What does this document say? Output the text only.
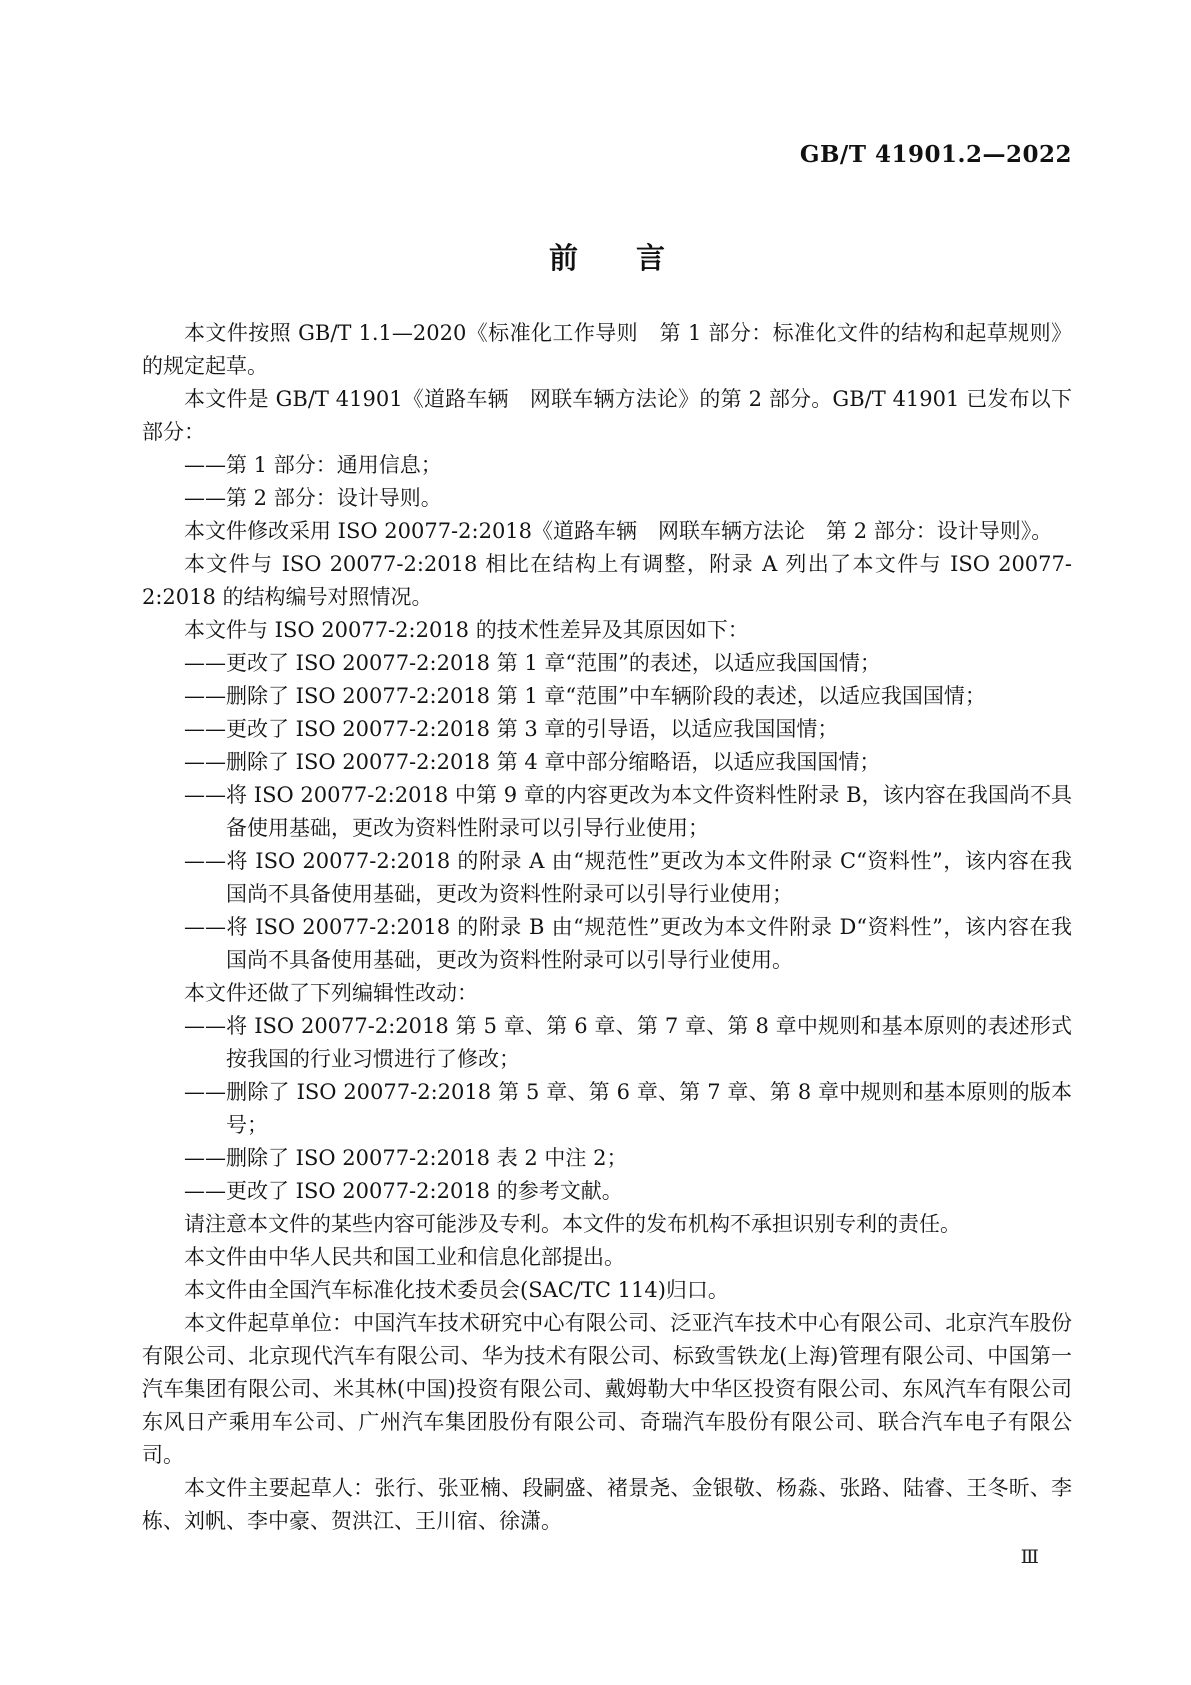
GB/T 41901.2—2022
前　　言

本文件按照 GB/T 1.1—2020《标准化工作导则　第 1 部分：标准化文件的结构和起草规则》的规定起草。

本文件是 GB/T 41901《道路车辆　网联车辆方法论》的第 2 部分。GB/T 41901 已发布以下部分：

——第 1 部分：通用信息；

——第 2 部分：设计导则。

本文件修改采用 ISO 20077-2:2018《道路车辆　网联车辆方法论　第 2 部分：设计导则》。

本文件与 ISO 20077-2:2018 相比在结构上有调整，附录 A 列出了本文件与 ISO 20077-2:2018 的结构编号对照情况。

本文件与 ISO 20077-2:2018 的技术性差异及其原因如下：

——更改了 ISO 20077-2:2018 第 1 章“范围”的表述，以适应我国国情；

——删除了 ISO 20077-2:2018 第 1 章“范围”中车辆阶段的表述，以适应我国国情；

——更改了 ISO 20077-2:2018 第 3 章的引导语，以适应我国国情；

——删除了 ISO 20077-2:2018 第 4 章中部分缩略语，以适应我国国情；

——将 ISO 20077-2:2018 中第 9 章的内容更改为本文件资料性附录 B，该内容在我国尚不具备使用基础，更改为资料性附录可以引导行业使用；

——将 ISO 20077-2:2018 的附录 A 由“规范性”更改为本文件附录 C“资料性”，该内容在我国尚不具备使用基础，更改为资料性附录可以引导行业使用；

——将 ISO 20077-2:2018 的附录 B 由“规范性”更改为本文件附录 D“资料性”，该内容在我国尚不具备使用基础，更改为资料性附录可以引导行业使用。

本文件还做了下列编辑性改动：

——将 ISO 20077-2:2018 第 5 章、第 6 章、第 7 章、第 8 章中规则和基本原则的表述形式按我国的行业习惯进行了修改；

——删除了 ISO 20077-2:2018 第 5 章、第 6 章、第 7 章、第 8 章中规则和基本原则的版本号；

——删除了 ISO 20077-2:2018 表 2 中注 2；

——更改了 ISO 20077-2:2018 的参考文献。

请注意本文件的某些内容可能涉及专利。本文件的发布机构不承担识别专利的责任。

本文件由中华人民共和国工业和信息化部提出。

本文件由全国汽车标准化技术委员会(SAC/TC 114)归口。

本文件起草单位：中国汽车技术研究中心有限公司、泛亚汽车技术中心有限公司、北京汽车股份有限公司、北京现代汽车有限公司、华为技术有限公司、标致雪铁龙(上海)管理有限公司、中国第一汽车集团有限公司、米其林(中国)投资有限公司、戴姆勒大中华区投资有限公司、东风汽车有限公司东风日产乘用车公司、广州汽车集团股份有限公司、奇瑞汽车股份有限公司、联合汽车电子有限公司。

本文件主要起草人：张行、张亚楠、段嗣盛、褚景尧、金银敬、杨淼、张路、陆睿、王冬昕、李栋、刘帆、李中豪、贺洪江、王川宿、徐潇。

Ⅲ
